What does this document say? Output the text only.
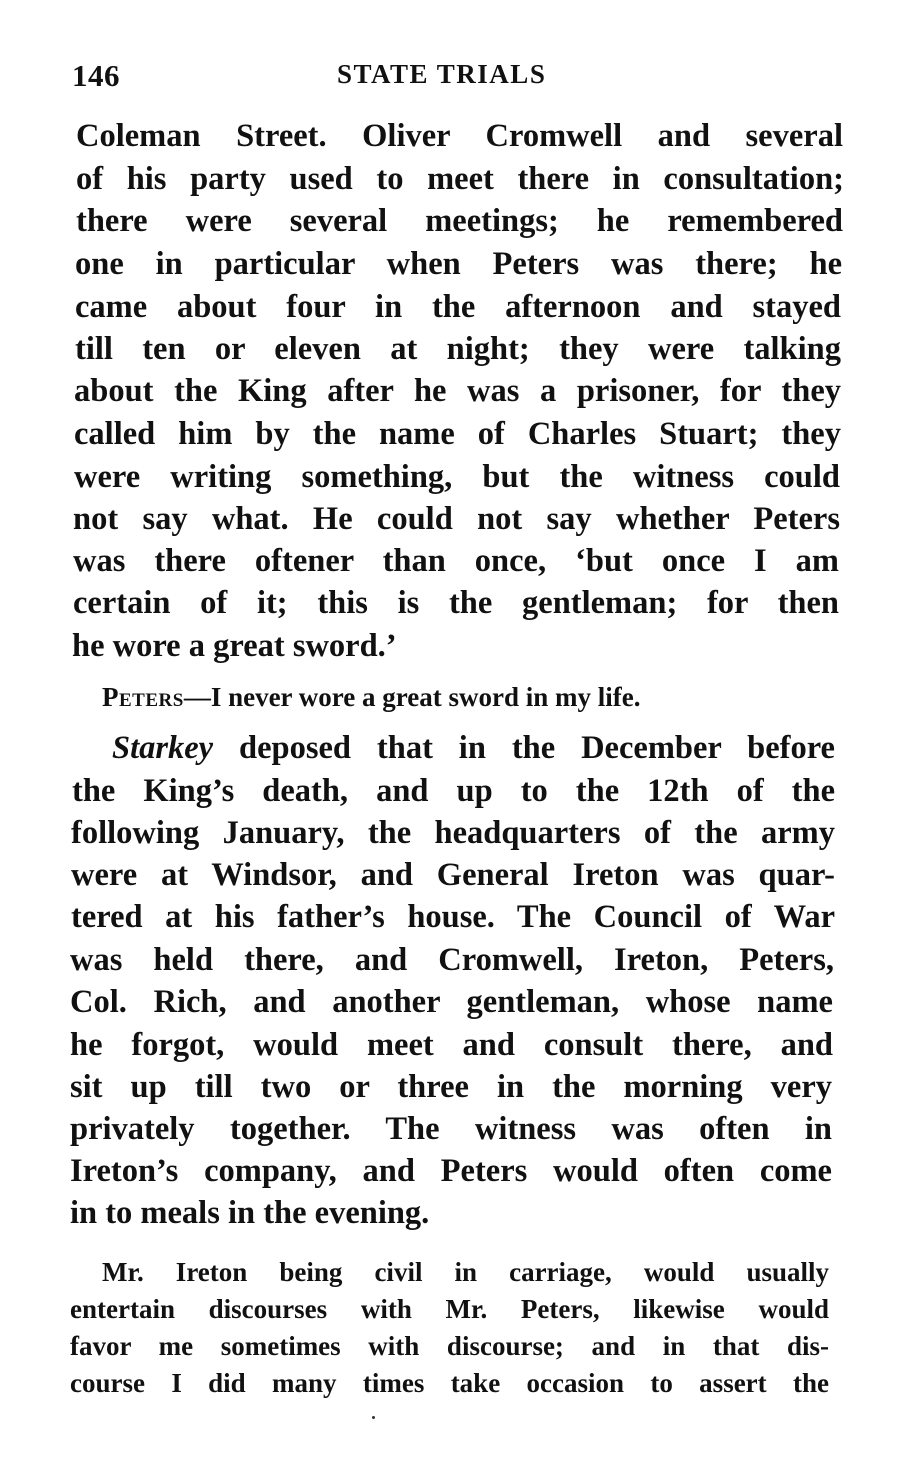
146	STATE TRIALS
Coleman Street. Oliver Cromwell and several
of his party used to meet there in consultation;
there were several meetings; he remembered
one in particular when Peters was there; he
came about four in the afternoon and stayed
till ten or eleven at night; they were talking
about the King after he was a prisoner, for they
called him by the name of Charles Stuart; they
were writing something, but the witness could
not say what. He could not say whether Peters
was there oftener than once, ‘but once I am
certain of it; this is the gentleman; for then
he wore a great sword.’
Peters—I never wore a great sword in my life.
Starkey deposed that in the December before
the King’s death, and up to the 12th of the
following January, the headquarters of the army
were at Windsor, and General Ireton was quar-
tered at his father’s house. The Council of War
was held there, and Cromwell, Ireton, Peters,
Col. Rich, and another gentleman, whose name
he forgot, would meet and consult there, and
sit up till two or three in the morning very
privately together. The witness was often in
Ireton’s company, and Peters would often come
in to meals in the evening.
Mr. Ireton being civil in carriage, would usually
entertain discourses with Mr. Peters, likewise would
favor me sometimes with discourse; and in that dis-
course I did many times take occasion to assert the
